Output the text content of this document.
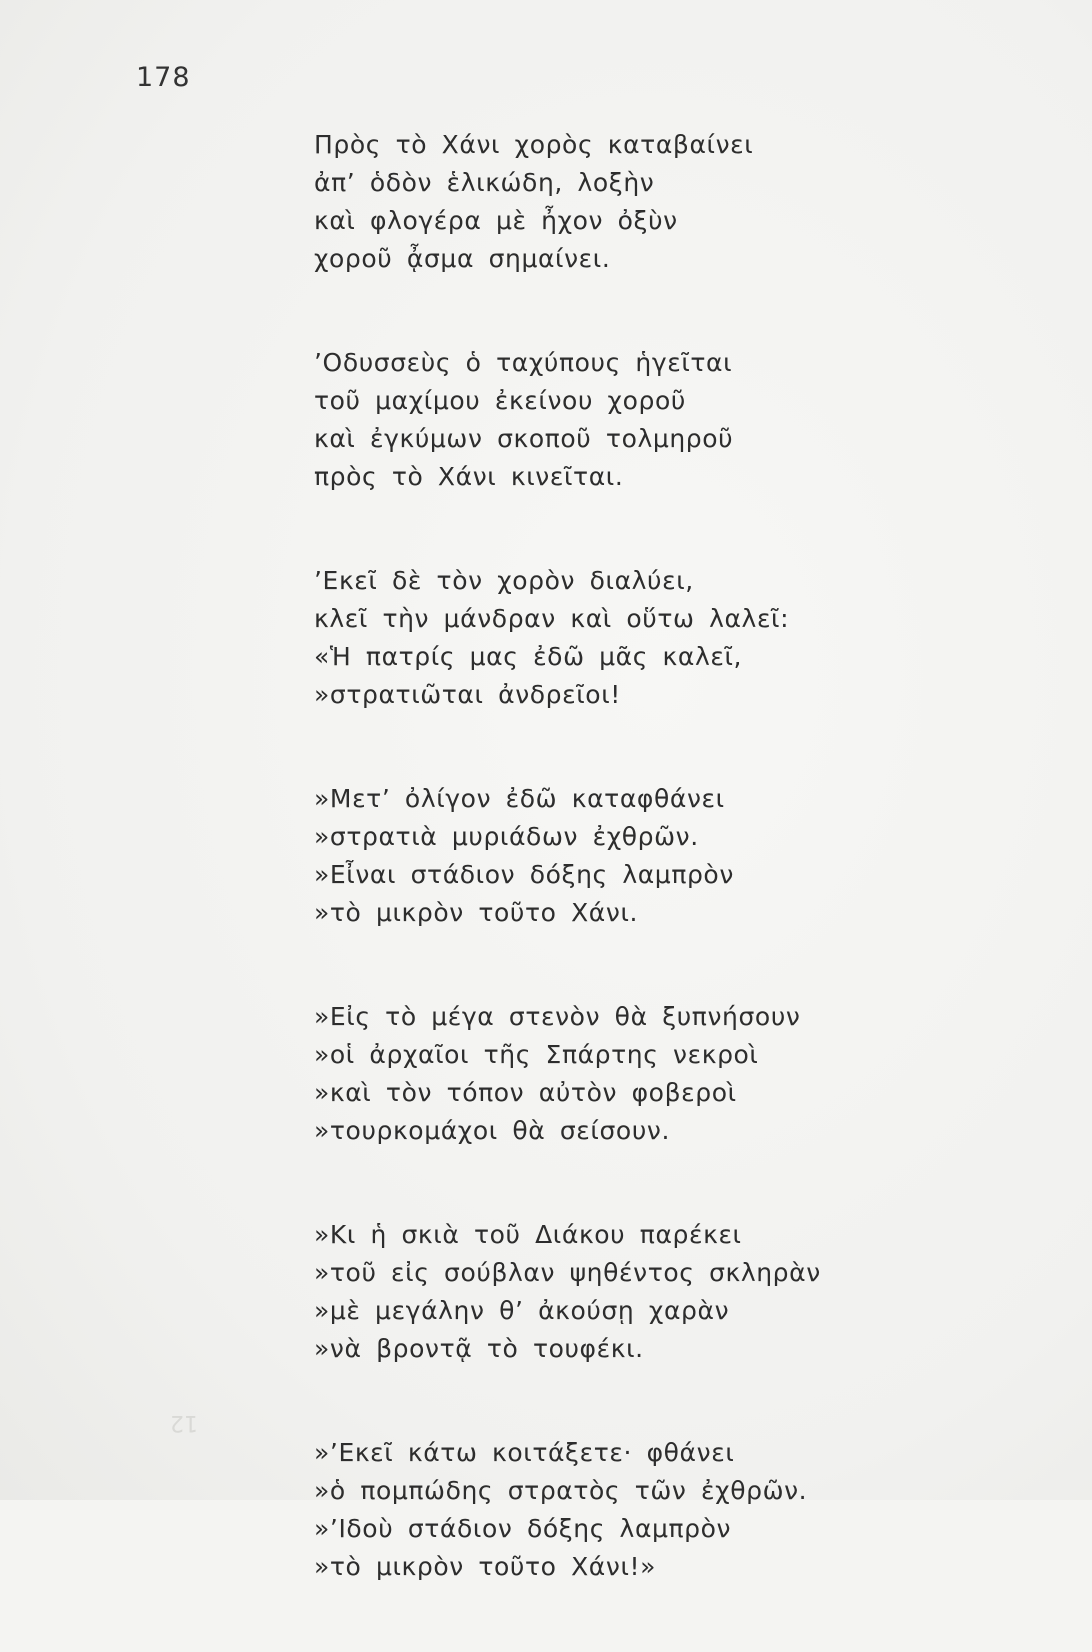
178
Πρὸς τὸ Χάνι χορὸς καταβαίνει
ἀπ’ ὁδὸν ἑλικώδη, λοξὴν
καὶ φλογέρα μὲ ἦχον ὀξὺν
χοροῦ ᾆσμα σημαίνει.
’Οδυσσεὺς ὁ ταχύπους ἡγεῖται
τοῦ μαχίμου ἐκείνου χοροῦ
καὶ ἐγκύμων σκοποῦ τολμηροῦ
πρὸς τὸ Χάνι κινεῖται.
’Εκεῖ δὲ τὸν χορὸν διαλύει,
κλεῖ τὴν μάνδραν καὶ οὕτω λαλεῖ:
«Ἡ πατρίς μας ἐδῶ μᾶς καλεῖ,
»στρατιῶται ἀνδρεῖοι!
»Μετ’ ὀλίγον ἐδῶ καταφθάνει
»στρατιὰ μυριάδων ἐχθρῶν.
»Εἶναι στάδιον δόξης λαμπρὸν
»τὸ μικρὸν τοῦτο Χάνι.
»Εἰς τὸ μέγα στενὸν θὰ ξυπνήσουν
»οἱ ἀρχαῖοι τῆς Σπάρτης νεκροὶ
»καὶ τὸν τόπον αὐτὸν φοβεροὶ
»τουρκομάχοι θὰ σείσουν.
»Κι ἡ σκιὰ τοῦ Διάκου παρέκει
»τοῦ εἰς σούβλαν ψηθέντος σκληρὰν
»μὲ μεγάλην θ’ ἀκούσῃ χαρὰν
»νὰ βροντᾷ τὸ τουφέκι.
»’Εκεῖ κάτω κοιτάξετε· φθάνει
»ὁ πομπώδης στρατὸς τῶν ἐχθρῶν.
»’Ιδοὺ στάδιον δόξης λαμπρὸν
»τὸ μικρὸν τοῦτο Χάνι!»
12
